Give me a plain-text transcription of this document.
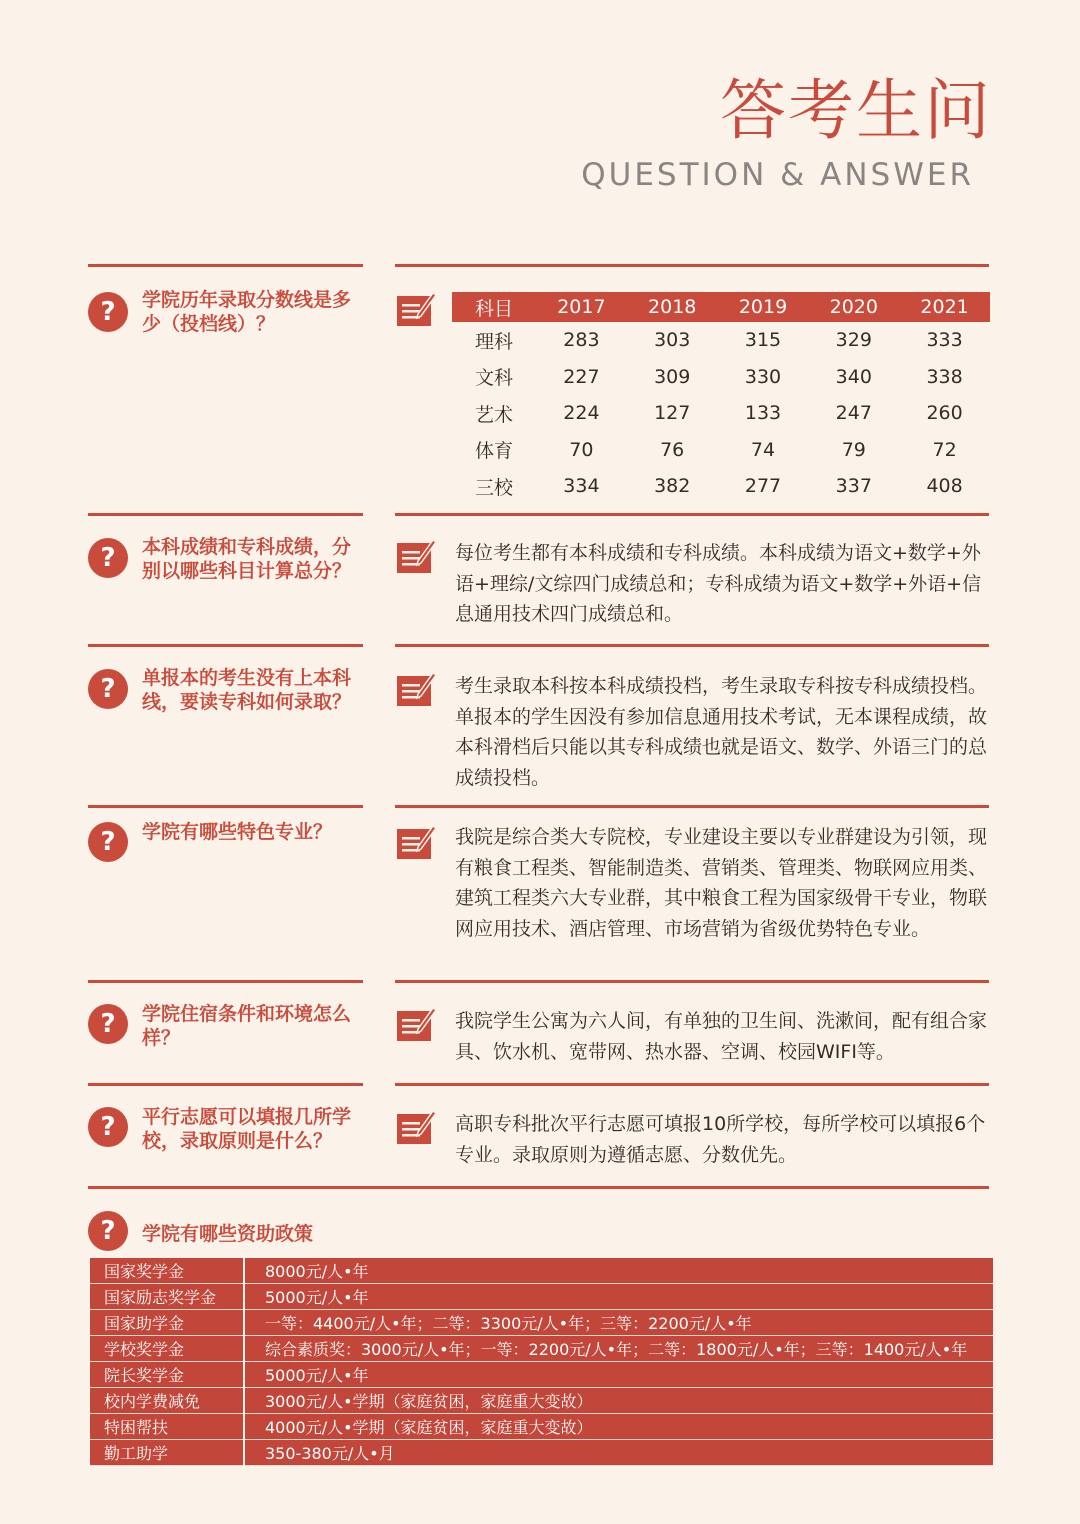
答考生问
QUESTION & ANSWER
?	学院历年录取分数线是多少（投档线）？
科目	2017	2018	2019	2020	2021
理科	283	303	315	329	333
文科	227	309	330	340	338
艺术	224	127	133	247	260
体育	70	76	74	79	72
三校	334	382	277	337	408
?	本科成绩和专科成绩，分别以哪些科目计算总分？
每位考生都有本科成绩和专科成绩。本科成绩为语文+数学+外语+理综/文综四门成绩总和；专科成绩为语文+数学+外语+信息通用技术四门成绩总和。
?	单报本的考生没有上本科线，要读专科如何录取？
考生录取本科按本科成绩投档，考生录取专科按专科成绩投档。单报本的学生因没有参加信息通用技术考试，无本课程成绩，故本科滑档后只能以其专科成绩也就是语文、数学、外语三门的总成绩投档。
?	学院有哪些特色专业？	我院是综合类大专院校，专业建设主要以专业群建设为引领，现有粮食工程类、智能制造类、营销类、管理类、物联网应用类、建筑工程类六大专业群，其中粮食工程为国家级骨干专业，物联网应用技术、酒店管理、市场营销为省级优势特色专业。
?	学院住宿条件和环境怎么样？
我院学生公寓为六人间，有单独的卫生间、洗漱间，配有组合家具、饮水机、宽带网、热水器、空调、校园WIFI等。
?	平行志愿可以填报几所学校，录取原则是什么？
高职专科批次平行志愿可填报10所学校，每所学校可以填报6个专业。录取原则为遵循志愿、分数优先。
?	学院有哪些资助政策
国家奖学金	8000元/人•年
国家励志奖学金	5000元/人•年
国家助学金	一等：4400元/人•年；二等：3300元/人•年；三等：2200元/人•年
学校奖学金	综合素质奖：3000元/人•年；一等：2200元/人•年；二等：1800元/人•年；三等：1400元/人•年
院长奖学金	5000元/人•年
校内学费减免	3000元/人•学期（家庭贫困，家庭重大变故）
特困帮扶	4000元/人•学期（家庭贫困，家庭重大变故）
勤工助学	350-380元/人•月
